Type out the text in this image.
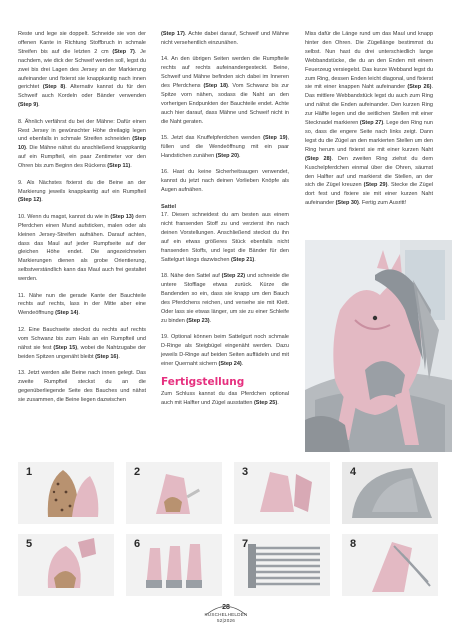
Reste und lege sie doppelt. Schneide sie von der offenen Kante in Richtung Stoffbruch in schmale Streifen bis auf die letzten 2 cm (Step 7). Je nachdem, wie dick der Schweif werden soll, legst du zwei bis drei Lagen des Jersey an der Markierung aufeinander und fixierst sie knappkantig nach innen gerichtet (Step 8). Alternativ kannst du für den Schweif auch Kordeln oder Bänder verwenden (Step 9).

8. Ähnlich verfährst du bei der Mähne: Dafür einen Rest Jersey in gewünschter Höhe dreilagig legen und ebenfalls in schmale Streifen schneiden (Step 10). Die Mähne nähst du anschließend knappkantig auf ein Rumpfteil, ein paar Zentimeter vor den Ohren bis zum Beginn des Rückens (Step 11).

9. Als Nächstes fixierst du die Beine an der Markierung jeweils knappkantig auf ein Rumpfteil (Step 12).

10. Wenn du magst, kannst du wie in (Step 13) dem Pferdchen einen Mund aufsticken, malen oder als kleinen Jersey-Streifen aufnähen. Darauf achten, dass das Maul auf jeder Rumpfseite auf der gleichen Höhe endet. Die angezeichneten Markierungen dienen als grobe Orientierung, selbstverständlich kann das Maul auch frei gestaltet werden.

11. Nähe nun die gerade Kante der Bauchteile rechts auf rechts, lass in der Mitte aber eine Wendeöffnung (Step 14).

12. Eine Bauchseite steckst du rechts auf rechts vom Schwanz bis zum Hals an ein Rumpfteil und nähst sie fest (Step 15), wobei die Nahtzugabe der beiden Spitzen ungenäht bleibt (Step 16).

13. Jetzt werden alle Beine nach innen gelegt. Das zweite Rumpfteil steckst du an die gegenüberliegende Seite des Bauches und nähst sie zusammen, die Beine liegen dazwischen

(Step 17). Achte dabei darauf, Schweif und Mähne nicht versehentlich einzunähen.

14. An den übrigen Seiten werden die Rumpfteile rechts auf rechts aufeinandergesteckt. Beine, Schweif und Mähne befinden sich dabei im Inneren des Pferdchens (Step 18). Vom Schwanz bis zur Spitze vorn nähen, sodass die Naht an den vorherigen Endpunkten der Bauchteile endet. Achte auch hier darauf, dass Mähne und Schweif nicht in die Naht geraten.

15. Jetzt das Knuffelpferdchen wenden (Step 19), füllen und die Wendeöffnung mit ein paar Handstichen zunähen (Step 20).

16. Hast du keine Sicherheitsaugen verwendet, kannst du jetzt nach deinen Vorlieben Knöpfe als Augen aufnähen.

Sattel

17. Diesen schneidest du am besten aus einem nicht fransenden Stoff zu und verzierst ihn nach deinen Vorstellungen. Anschließend steckst du ihn auf ein etwas größeres Stück ebenfalls nicht fransenden Stoffs, und legst die Bänder für den Sattelgurt längs dazwischen (Step 21).

18. Nähe den Sattel auf (Step 22) und schneide die untere Stofflage etwas zurück. Kürze die Bandenden so ein, dass sie knapp um den Bauch des Pferdchens reichen, und versehe sie mit Klett. Oder lass sie etwas länger, um sie zu einer Schleife zu binden (Step 23).

19. Optional können beim Sattelgurt noch schmale D-Ringe als Steigbügel eingenäht werden. Dazu jeweils D-Ringe auf beiden Seiten auffädeln und mit einer Quernaht sichern (Step 24).

Fertigstellung

Zum Schluss kannst du das Pferdchen optional auch mit Halfter und Zügel ausstatten (Step 25).

Miss dafür die Länge rund um das Maul und knapp hinter den Ohren. Die Zügellänge bestimmst du selbst. Nun hast du drei unterschiedlich lange Webbandstücke, die du an den Enden mit einem Feuerzeug versiegelst. Das kurze Webband legst du zum Ring, dessen Enden leicht diagonal, und fixierst sie mit einer knappen Naht aufeinander (Step 26). Das mittlere Webbandstück legst du auch zum Ring und nähst die Enden aufeinander. Den kurzen Ring zur Hälfte legen und die seitlichen Stellen mit einer Stecknadel markieren (Step 27). Lege den Ring nun so, dass die engere Seite nach links zeigt. Dann legst du die Zügel an den markierten Stellen um den Ring herum und fixierst sie mit einer kurzen Naht (Step 28). Den zweiten Ring ziehst du dem Kuschelpferdchen einmal über die Ohren, säumst den Halfter auf und markierst die Stellen, an der sich die Zügel kreuzen (Step 29). Stecke die Zügel dort fest und fixiere sie mit einer kurzen Naht aufeinander (Step 30). Fertig zum Ausritt!

1	2	3	4
5	6	7	8
28
KUSCHELHELDEN
52|2026
